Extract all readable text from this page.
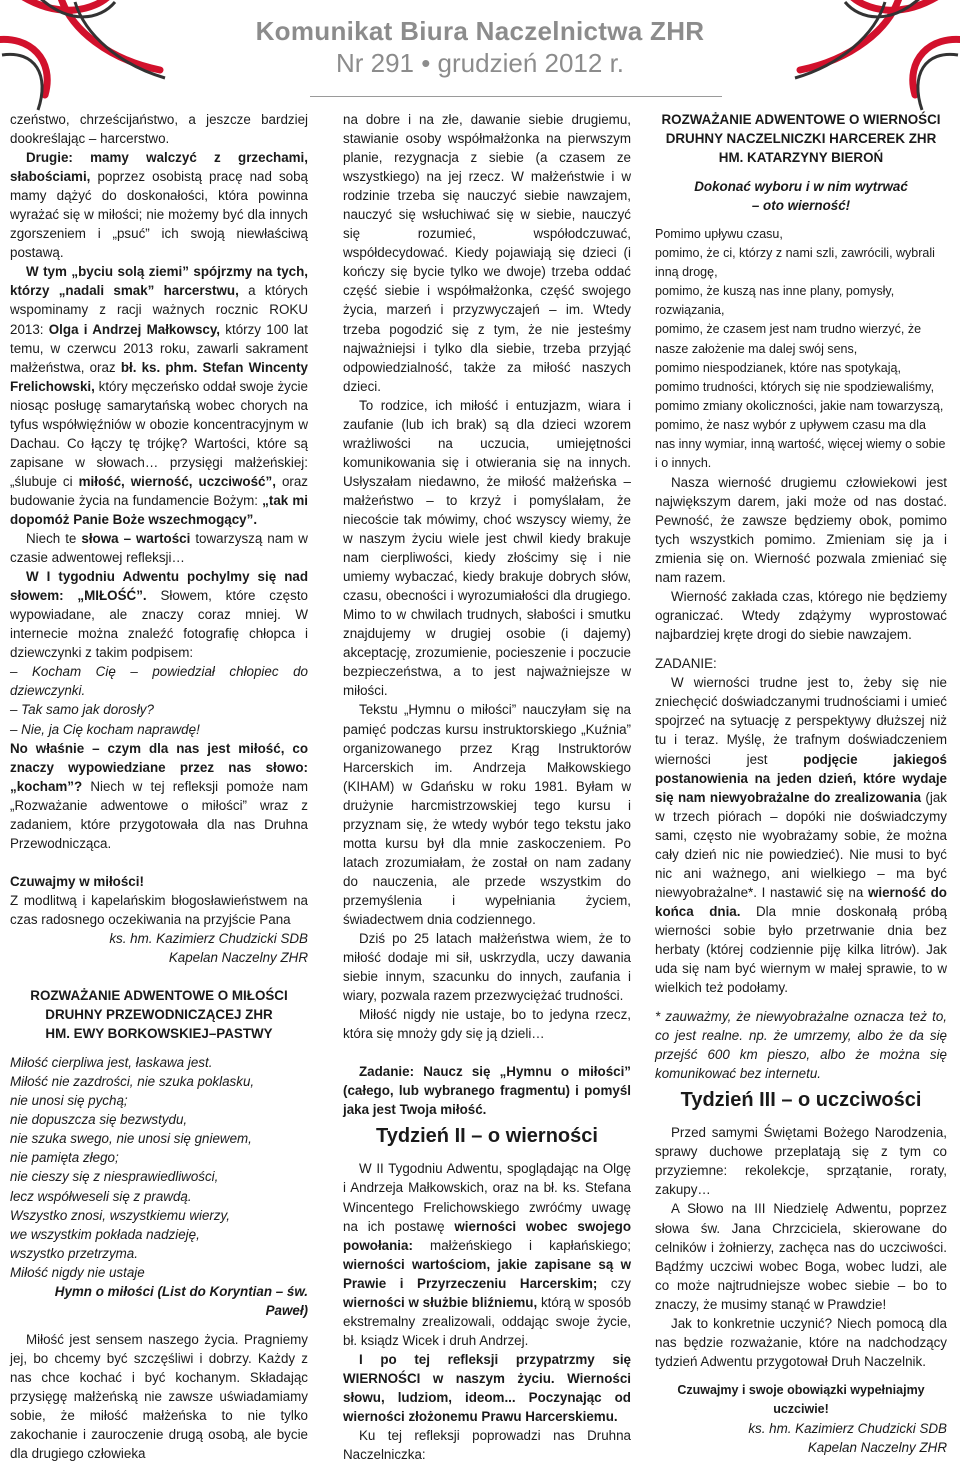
Komunikat Biura Naczelnictwa ZHR
Nr 291 • grudzień 2012 r.

czeństwo, chrześcijaństwo, a jeszcze bardziej dookreślając – harcerstwo.

Drugie: mamy walczyć z grzechami, słabościami, poprzez osobistą pracę nad sobą mamy dążyć do doskonałości, która powinna wyrażać się w miłości; nie możemy być dla innych zgorszeniem i „psuć” ich swoją niewłaściwą postawą.

W tym „byciu solą ziemi” spójrzmy na tych, którzy „nadali smak” harcerstwu, a których wspominamy z racji ważnych rocznic ROKU 2013: Olga i Andrzej Małkowscy, którzy 100 lat temu, w czerwcu 2013 roku, zawarli sakrament małżeństwa, oraz bł. ks. phm. Stefan Wincenty Frelichowski, który męczeńsko oddał swoje życie niosąc posługę samarytańską wobec chorych na tyfus współwięźniów w obozie koncentracyjnym w Dachau. Co łączy tę trójkę? Wartości, które są zapisane w słowach… przysięgi małżeńskiej: „ślubuje ci miłość, wierność, uczciwość”, oraz budowanie życia na fundamencie Bożym: „tak mi dopomóż Panie Boże wszechmogący”.

Niech te słowa – wartości towarzyszą nam w czasie adwentowej refleksji…

W I tygodniu Adwentu pochylmy się nad słowem: „MIŁOŚĆ”. Słowem, które często wypowiadane, ale znaczy coraz mniej. W internecie można znaleźć fotografię chłopca i dziewczynki z takim podpisem:

– Kocham Cię – powiedział chłopiec do dziewczynki.

– Tak samo jak dorosły?

– Nie, ja Cię kocham naprawdę!

No właśnie – czym dla nas jest miłość, co znaczy wypowiedziane przez nas słowo: „kocham”? Niech w tej refleksji pomoże nam „Rozważanie adwentowe o miłości” wraz z zadaniem, które przygotowała dla nas Druhna Przewodnicząca.

Czuwajmy w miłości!

Z modlitwą i kapelańskim błogosławieństwem na czas radosnego oczekiwania na przyjście Pana

ks. hm. Kazimierz Chudzicki SDB

Kapelan Naczelny ZHR

ROZWAŻANIE ADWENTOWE O MIŁOŚCI

DRUHNY PRZEWODNICZĄCEJ ZHR

HM. EWY BORKOWSKIEJ–PASTWY

Miłość cierpliwa jest, łaskawa jest.

Miłość nie zazdrości, nie szuka poklasku,

nie unosi się pychą;

nie dopuszcza się bezwstydu,

nie szuka swego, nie unosi się gniewem,

nie pamięta złego;

nie cieszy się z niesprawiedliwości,

lecz współweseli się z prawdą.

Wszystko znosi, wszystkiemu wierzy,

we wszystkim pokłada nadzieję,

wszystko przetrzyma.

Miłość nigdy nie ustaje

Hymn o miłości (List do Koryntian – św. Paweł)

Miłość jest sensem naszego życia. Pragniemy jej, bo chcemy być szczęśliwi i dobrzy. Każdy z nas chce kochać i być kochanym. Składając przysięgę małżeńską nie zawsze uświadamiamy sobie, że miłość małżeńska to nie tylko zakochanie i zauroczenie drugą osobą, ale bycie dla drugiego człowieka

na dobre i na złe, dawanie siebie drugiemu, stawianie osoby współmałżonka na pierwszym planie, rezygnacja z siebie (a czasem ze wszystkiego) na jej rzecz. W małżeństwie i w rodzinie trzeba się nauczyć siebie nawzajem, nauczyć się wsłuchiwać się w siebie, nauczyć się rozumieć, współodczuwać, współdecydować. Kiedy pojawiają się dzieci (i kończy się bycie tylko we dwoje) trzeba oddać część siebie i współmałżonka, część swojego życia, marzeń i przyzwyczajeń – im. Wtedy trzeba pogodzić się z tym, że nie jesteśmy najważniejsi i tylko dla siebie, trzeba przyjąć odpowiedzialność, także za miłość naszych dzieci.

To rodzice, ich miłość i entuzjazm, wiara i zaufanie (lub ich brak) są dla dzieci wzorem wrażliwości na uczucia, umiejętności komunikowania się i otwierania się na innych. Usłyszałam niedawno, że miłość małżeńska – małżeństwo – to krzyż i pomyślałam, że niecoście tak mówimy, choć wszyscy wiemy, że w naszym życiu wiele jest chwil kiedy brakuje nam cierpliwości, kiedy złościmy się i nie umiemy wybaczać, kiedy brakuje dobrych słów, czasu, obecności i wyrozumiałości dla drugiego. Mimo to w chwilach trudnych, słabości i smutku znajdujemy w drugiej osobie (i dajemy) akceptację, zrozumienie, pocieszenie i poczucie bezpieczeństwa, a to jest najważniejsze w miłości.

Tekstu „Hymnu o miłości” nauczyłam się na pamięć podczas kursu instruktorskiego „Kuźnia” organizowanego przez Krąg Instruktorów Harcerskich im. Andrzeja Małkowskiego (KIHAM) w Gdańsku w roku 1981. Byłam w drużynie harcmistrzowskiej tego kursu i przyznam się, że wtedy wybór tego tekstu jako motta kursu był dla mnie zaskoczeniem. Po latach zrozumiałam, że został on nam zadany do nauczenia, ale przede wszystkim do przemyślenia i wypełniania życiem, świadectwem dnia codziennego.

Dziś po 25 latach małżeństwa wiem, że to miłość dodaje mi sił, uskrzydla, uczy dawania siebie innym, szacunku do innych, zaufania i wiary, pozwala razem przezwyciężać trudności.

Miłość nigdy nie ustaje, bo to jedyna rzecz, która się mnoży gdy się ją dzieli…

Zadanie: Naucz się „Hymnu o miłości” (całego, lub wybranego fragmentu) i pomyśl jaka jest Twoja miłość.

Tydzień II – o wierności

W II Tygodniu Adwentu, spoglądając na Olgę i Andrzeja Małkowskich, oraz na bł. ks. Stefana Wincentego Frelichowskiego zwróćmy uwagę na ich postawę wierności wobec swojego powołania: małżeńskiego i kapłańskiego; wierności wartościom, jakie zapisane są w Prawie i Przyrzeczeniu Harcerskim; czy wierności w służbie bliźniemu, którą w sposób ekstremalny zrealizowali, oddając swoje życie, bł. ksiądz Wicek i druh Andrzej.

I po tej refleksji przypatrzmy się WIERNOŚCI w naszym życiu. Wierności słowu, ludziom, ideom... Poczynając od wierności złożonemu Prawu Harcerskiemu.

Ku tej refleksji poprowadzi nas Druhna Naczelniczka:

ROZWAŻANIE ADWENTOWE O WIERNOŚCI

DRUHNY NACZELNICZKI HARCEREK ZHR

HM. KATARZYNY BIEROŃ

Dokonać wyboru i w nim wytrwać

– oto wierność!

Pomimo upływu czasu,

pomimo, że ci, którzy z nami szli, zawrócili, wybrali inną drogę,

pomimo, że kuszą nas inne plany, pomysły, rozwiązania,

pomimo, że czasem jest nam trudno wierzyć, że nasze założenie ma dalej swój sens,

pomimo niespodzianek, które nas spotykają,

pomimo trudności, których się nie spodziewaliśmy,

pomimo zmiany okoliczności, jakie nam towarzyszą,

pomimo, że nasz wybór z upływem czasu ma dla nas inny wymiar, inną wartość, więcej wiemy o sobie i o innych.

Nasza wierność drugiemu człowiekowi jest największym darem, jaki może od nas dostać. Pewność, że zawsze będziemy obok, pomimo tych wszystkich pomimo. Zmieniam się ja i zmienia się on. Wierność pozwala zmieniać się nam razem.

Wierność zakłada czas, którego nie będziemy ograniczać. Wtedy zdążymy wyprostować najbardziej kręte drogi do siebie nawzajem.

ZADANIE:

W wierności trudne jest to, żeby się nie zniechęcić doświadczanymi trudnościami i umieć spojrzeć na sytuację z perspektywy dłuższej niż tu i teraz. Myślę, że trafnym doświadczeniem wierności jest	podjęcie jakiegoś postanowienia na jeden dzień, które wydaje się nam niewyobrażalne do zrealizowania (jak w trzech piórach – dopóki nie doświadczymy sami, często nie wyobrażamy sobie, że można cały dzień nic nie powiedzieć). Nie musi to być nic ani ważnego, ani wielkiego – ma być niewyobrażalne*. I nastawić się na wierność do końca dnia. Dla mnie doskonałą próbą wierności sobie było przetrwanie dnia bez herbaty (której codziennie piję kilka litrów). Jak uda się nam być wiernym w małej sprawie, to w wielkich też podołamy.

* zauważmy, że niewyobrażalne oznacza też to, co jest realne. np. że umrzemy, albo że da się przejść 600 km pieszo, albo że można się komunikować bez internetu.

Tydzień III – o uczciwości

Przed samymi Świętami Bożego Narodzenia, sprawy duchowe przeplatają się z tym co przyziemne: rekolekcje, sprzątanie, roraty, zakupy…

A Słowo na III Niedzielę Adwentu, poprzez słowa św. Jana Chrzciciela, skierowane do celników i żołnierzy, zachęca nas do uczciwości. Bądźmy uczciwi wobec Boga, wobec ludzi, ale co może najtrudniejsze wobec siebie – bo to znaczy, że musimy stanąć w Prawdzie!

Jak to konkretnie uczynić? Niech pomocą dla nas będzie rozważanie, które na nadchodzący tydzień Adwentu przygotował Druh Naczelnik.

Czuwajmy i swoje obowiązki wypełniajmy uczciwie!

ks. hm. Kazimierz Chudzicki SDB

Kapelan Naczelny ZHR
